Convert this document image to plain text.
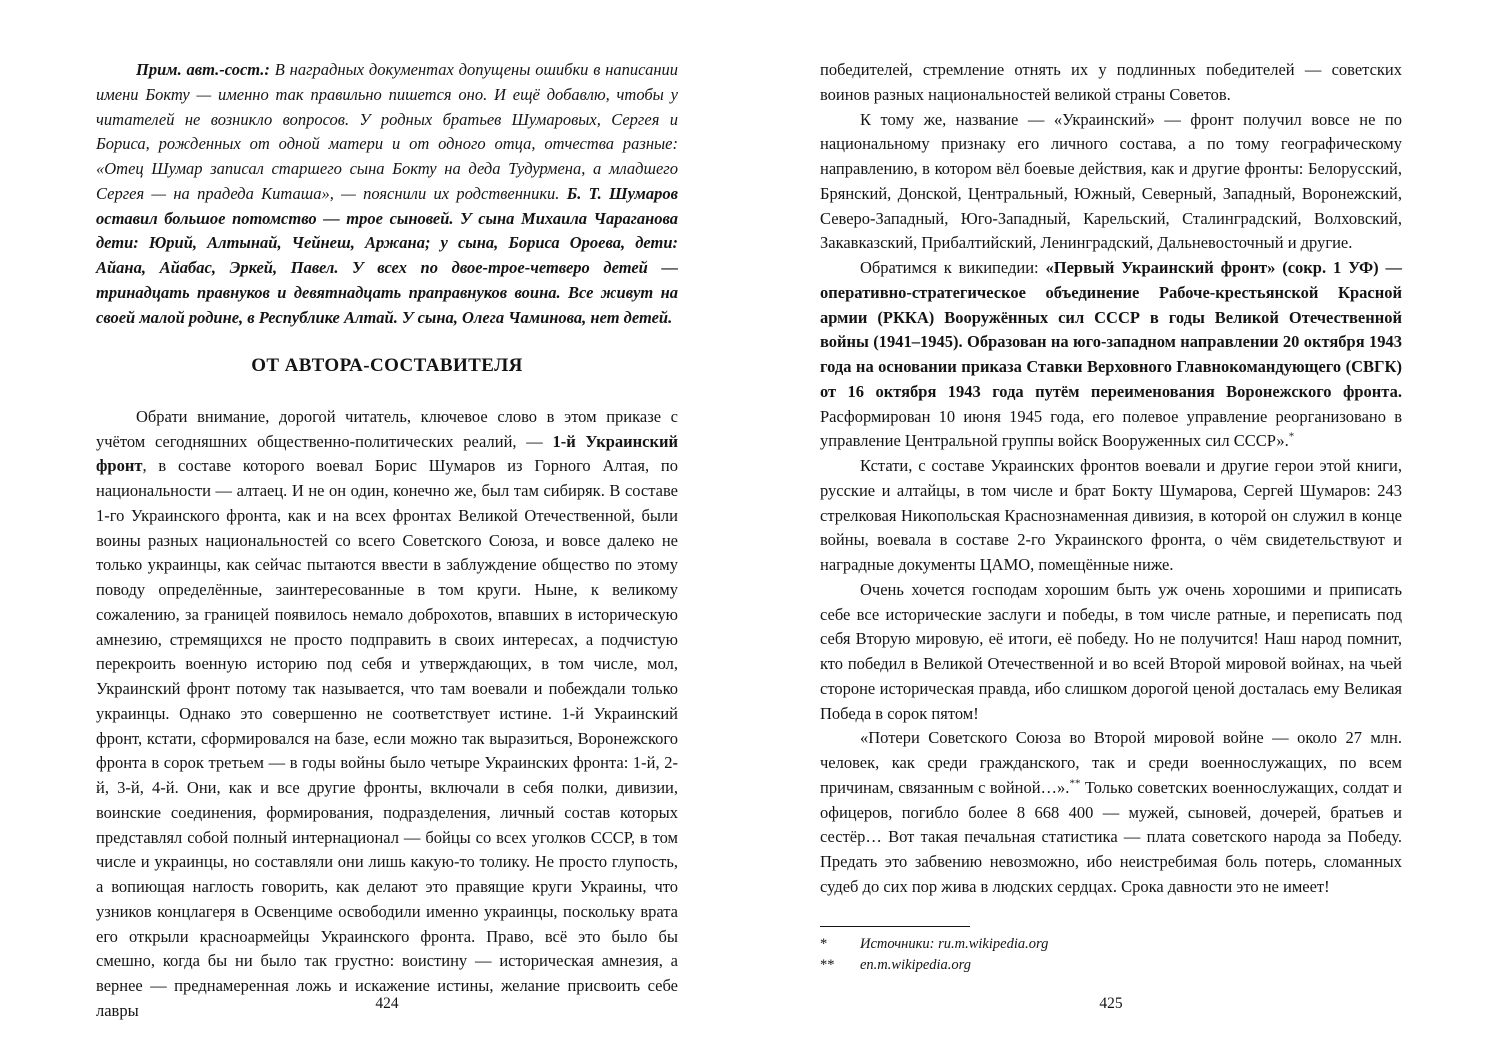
Прим. авт.-сост.: В наградных документах допущены ошибки в написании имени Бокту — именно так правильно пишется оно. И ещё добавлю, чтобы у читателей не возникло вопросов. У родных братьев Шумаровых, Сергея и Бориса, рожденных от одной матери и от одного отца, отчества разные: «Отец Шумар записал старшего сына Бокту на деда Тудурмена, а младшего Сергея — на прадеда Киташа», — пояснили их родственники. Б. Т. Шумаров оставил большое потомство — трое сыновей. У сына Михаила Чараганова дети: Юрий, Алтынай, Чейнеш, Аржана; у сына, Бориса Ороева, дети: Айана, Айабас, Эркей, Павел. У всех по двое-трое-четверо детей — тринадцать правнуков и девятнадцать праправнуков воина. Все живут на своей малой родине, в Республике Алтай. У сына, Олега Чаминова, нет детей.

ОТ АВТОРА-СОСТАВИТЕЛЯ

Обрати внимание, дорогой читатель, ключевое слово в этом приказе с учётом сегодняшних общественно-политических реалий, — 1-й Украинский фронт, в составе которого воевал Борис Шумаров из Горного Алтая, по национальности — алтаец. И не он один, конечно же, был там сибиряк. В составе 1-го Украинского фронта, как и на всех фронтах Великой Отечественной, были воины разных национальностей со всего Советского Союза, и вовсе далеко не только украинцы, как сейчас пытаются ввести в заблуждение общество по этому поводу определённые, заинтересованные в том круги. Ныне, к великому сожалению, за границей появилось немало доброхотов, впавших в историческую амнезию, стремящихся не просто подправить в своих интересах, а подчистую перекроить военную историю под себя и утверждающих, в том числе, мол, Украинский фронт потому так называется, что там воевали и побеждали только украинцы. Однако это совершенно не соответствует истине. 1-й Украинский фронт, кстати, сформировался на базе, если можно так выразиться, Воронежского фронта в сорок третьем — в годы войны было четыре Украинских фронта: 1-й, 2-й, 3-й, 4-й. Они, как и все другие фронты, включали в себя полки, дивизии, воинские соединения, формирования, подразделения, личный состав которых представлял собой полный интернационал — бойцы со всех уголков СССР, в том числе и украинцы, но составляли они лишь какую-то толику. Не просто глупость, а вопиющая наглость говорить, как делают это правящие круги Украины, что узников концлагеря в Освенциме освободили именно украинцы, поскольку врата его открыли красноармейцы Украинского фронта. Право, всё это было бы смешно, когда бы ни было так грустно: воистину — историческая амнезия, а вернее — преднамеренная ложь и искажение истины, желание присвоить себе лавры

победителей, стремление отнять их у подлинных победителей — советских воинов разных национальностей великой страны Советов.

К тому же, название — «Украинский» — фронт получил вовсе не по национальному признаку его личного состава, а по тому географическому направлению, в котором вёл боевые действия, как и другие фронты: Белорусский, Брянский, Донской, Центральный, Южный, Северный, Западный, Воронежский, Северо-Западный, Юго-Западный, Карельский, Сталинградский, Волховский, Закавказский, Прибалтийский, Ленинградский, Дальневосточный и другие.

Обратимся к википедии: «Первый Украинский фронт» (сокр. 1 УФ) — оперативно-стратегическое объединение Рабоче-крестьянской Красной армии (РККА) Вооружённых сил СССР в годы Великой Отечественной войны (1941–1945). Образован на юго-западном направлении 20 октября 1943 года на основании приказа Ставки Верховного Главнокомандующего (СВГК) от 16 октября 1943 года путём переименования Воронежского фронта. Расформирован 10 июня 1945 года, его полевое управление реорганизовано в управление Центральной группы войск Вооруженных сил СССР».*

Кстати, с составе Украинских фронтов воевали и другие герои этой книги, русские и алтайцы, в том числе и брат Бокту Шумарова, Сергей Шумаров: 243 стрелковая Никопольская Краснознаменная дивизия, в которой он служил в конце войны, воевала в составе 2-го Украинского фронта, о чём свидетельствуют и наградные документы ЦАМО, помещённые ниже.

Очень хочется господам хорошим быть уж очень хорошими и приписать себе все исторические заслуги и победы, в том числе ратные, и переписать под себя Вторую мировую, её итоги, её победу. Но не получится! Наш народ помнит, кто победил в Великой Отечественной и во всей Второй мировой войнах, на чьей стороне историческая правда, ибо слишком дорогой ценой досталась ему Великая Победа в сорок пятом!

«Потери Советского Союза во Второй мировой войне — около 27 млн. человек, как среди гражданского, так и среди военнослужащих, по всем причинам, связанным с войной…».** Только советских военнослужащих, солдат и офицеров, погибло более 8 668 400 — мужей, сыновей, дочерей, братьев и сестёр… Вот такая печальная статистика — плата советского народа за Победу. Предать это забвению невозможно, ибо неистребимая боль потерь, сломанных судеб до сих пор жива в людских сердцах. Срока давности это не имеет!

*	Источники: ru.m.wikipedia.org
**	en.m.wikipedia.org
424	425
